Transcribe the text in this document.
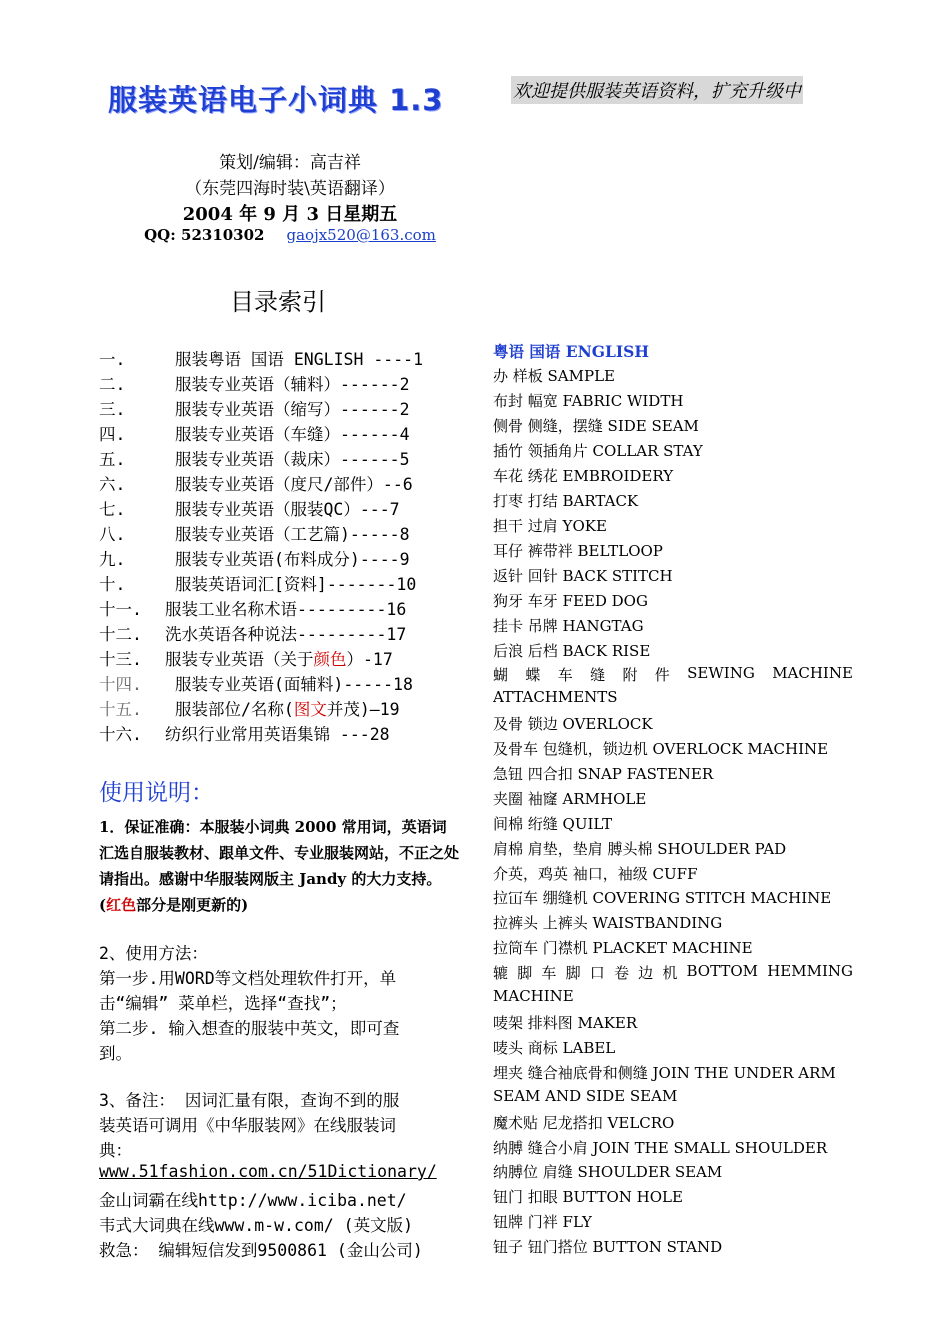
服装英语电子小词典 1.3	欢迎提供服装英语资料，扩充升级中
策划/编辑：高吉祥
（东莞四海时装\英语翻译）
2004 年 9 月 3 日星期五
QQ: 52310302 gaojx520@163.com
目录索引
一.	服装粤语 国语 ENGLISH ----1
二.	服装专业英语（辅料）------2
三.	服装专业英语（缩写）------2
四.	服装专业英语（车缝）------4
五.	服装专业英语（裁床）------5
六.	服装专业英语（度尺/部件）--6
七.	服装专业英语（服装QC）---7
八.	服装专业英语（工艺篇)-----8
九.	服装专业英语(布料成分)----9
十.	服装英语词汇[资料]-------10
十一. 服装工业名称术语---------16
十二. 洗水英语各种说法---------17
十三. 服装专业英语（关于颜色）-17
十四. 服装专业英语(面辅料)-----18
十五. 服装部位/名称(图文并茂)—19
十六. 纺织行业常用英语集锦 ---28
使用说明：
1．保证准确：本服装小词典 2000 常用词，英语词汇选自服装教材、跟单文件、专业服装网站，不正之处请指出。感谢中华服装网版主 Jandy 的大力支持。(红色部分是刚更新的)
2、使用方法：
第一步.用WORD等文档处理软件打开，单
击“编辑” 菜单栏，选择“查找”；
第二步. 输入想查的服装中英文，即可查
到。
3、备注： 因词汇量有限，查询不到的服
装英语可调用《中华服装网》在线服装词
典：
www.51fashion.com.cn/51Dictionary/
金山词霸在线http://www.iciba.net/
韦式大词典在线www.m-w.com/ (英文版)
救急： 编辑短信发到9500861 (金山公司)
粤语 国语 ENGLISH
办 样板 SAMPLE
布封 幅宽 FABRIC WIDTH
侧骨 侧缝，摆缝 SIDE SEAM
插竹 领插角片 COLLAR STAY
车花 绣花 EMBROIDERY
打枣 打结 BARTACK
担干 过肩 YOKE
耳仔 裤带袢 BELTLOOP
返针 回针 BACK STITCH
狗牙 车牙 FEED DOG
挂卡 吊牌 HANGTAG
后浪 后档 BACK RISE
蝴 蝶 车 缝 附 件 SEWING MACHINE
ATTACHMENTS
及骨 锁边 OVERLOCK
及骨车 包缝机，锁边机 OVERLOCK MACHINE
急钮 四合扣 SNAP FASTENER
夹圈 袖窿 ARMHOLE
间棉 绗缝 QUILT
肩棉 肩垫，垫肩 膊头棉 SHOULDER PAD
介英，鸡英 袖口，袖级 CUFF
拉冚车 绷缝机 COVERING STITCH MACHINE
拉裤头 上裤头 WAISTBANDING
拉筒车 门襟机 PLACKET MACHINE
辘 脚 车 脚 口 卷 边 机 BOTTOM HEMMING
MACHINE
唛架 排料图 MAKER
唛头 商标 LABEL
埋夹 缝合袖底骨和侧缝 JOIN THE UNDER ARM
SEAM AND SIDE SEAM
魔术贴 尼龙搭扣 VELCRO
纳膊 缝合小肩 JOIN THE SMALL SHOULDER
纳膊位 肩缝 SHOULDER SEAM
钮门 扣眼 BUTTON HOLE
钮牌 门袢 FLY
钮子 钮门搭位 BUTTON STAND
